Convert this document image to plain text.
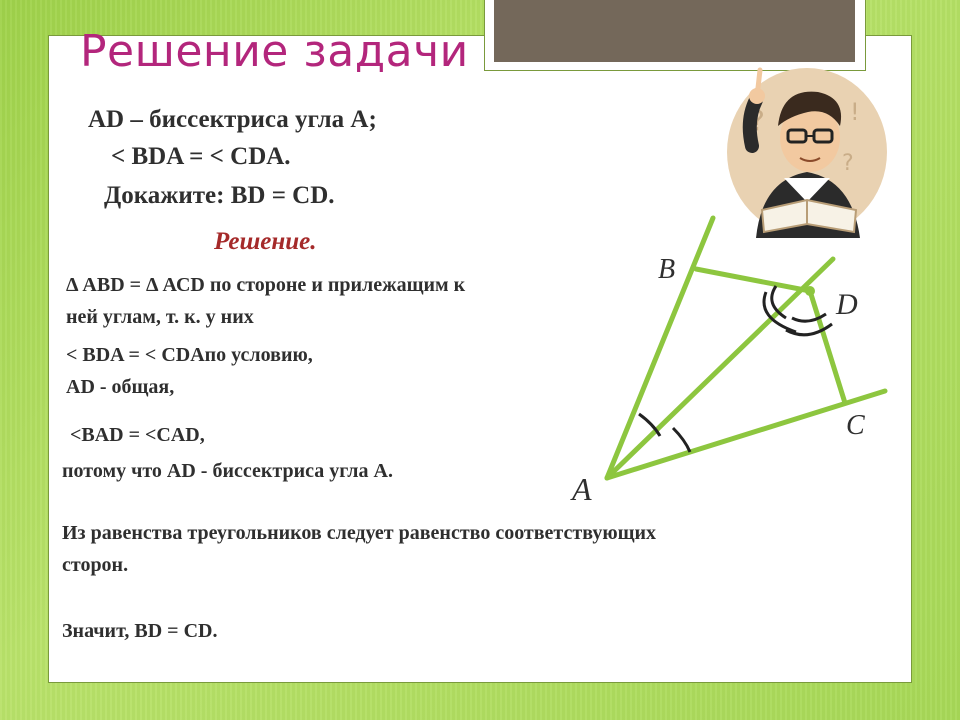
Решение задачи
AD – биссектриса угла А;
< BDA = < CDA.
Докажите: BD = CD.
Решение.
Δ АВD = Δ АСD по стороне и прилежащим к
ней углам, т. к. у них
< BDA = < CDAпо условию,
AD - общая,
<BAD = <CAD,
потому что AD - биссектриса угла А.
Из равенства треугольников следует равенство соответствующих
сторон.
Значит, BD = CD.
?	!
?
B
D
C
A
